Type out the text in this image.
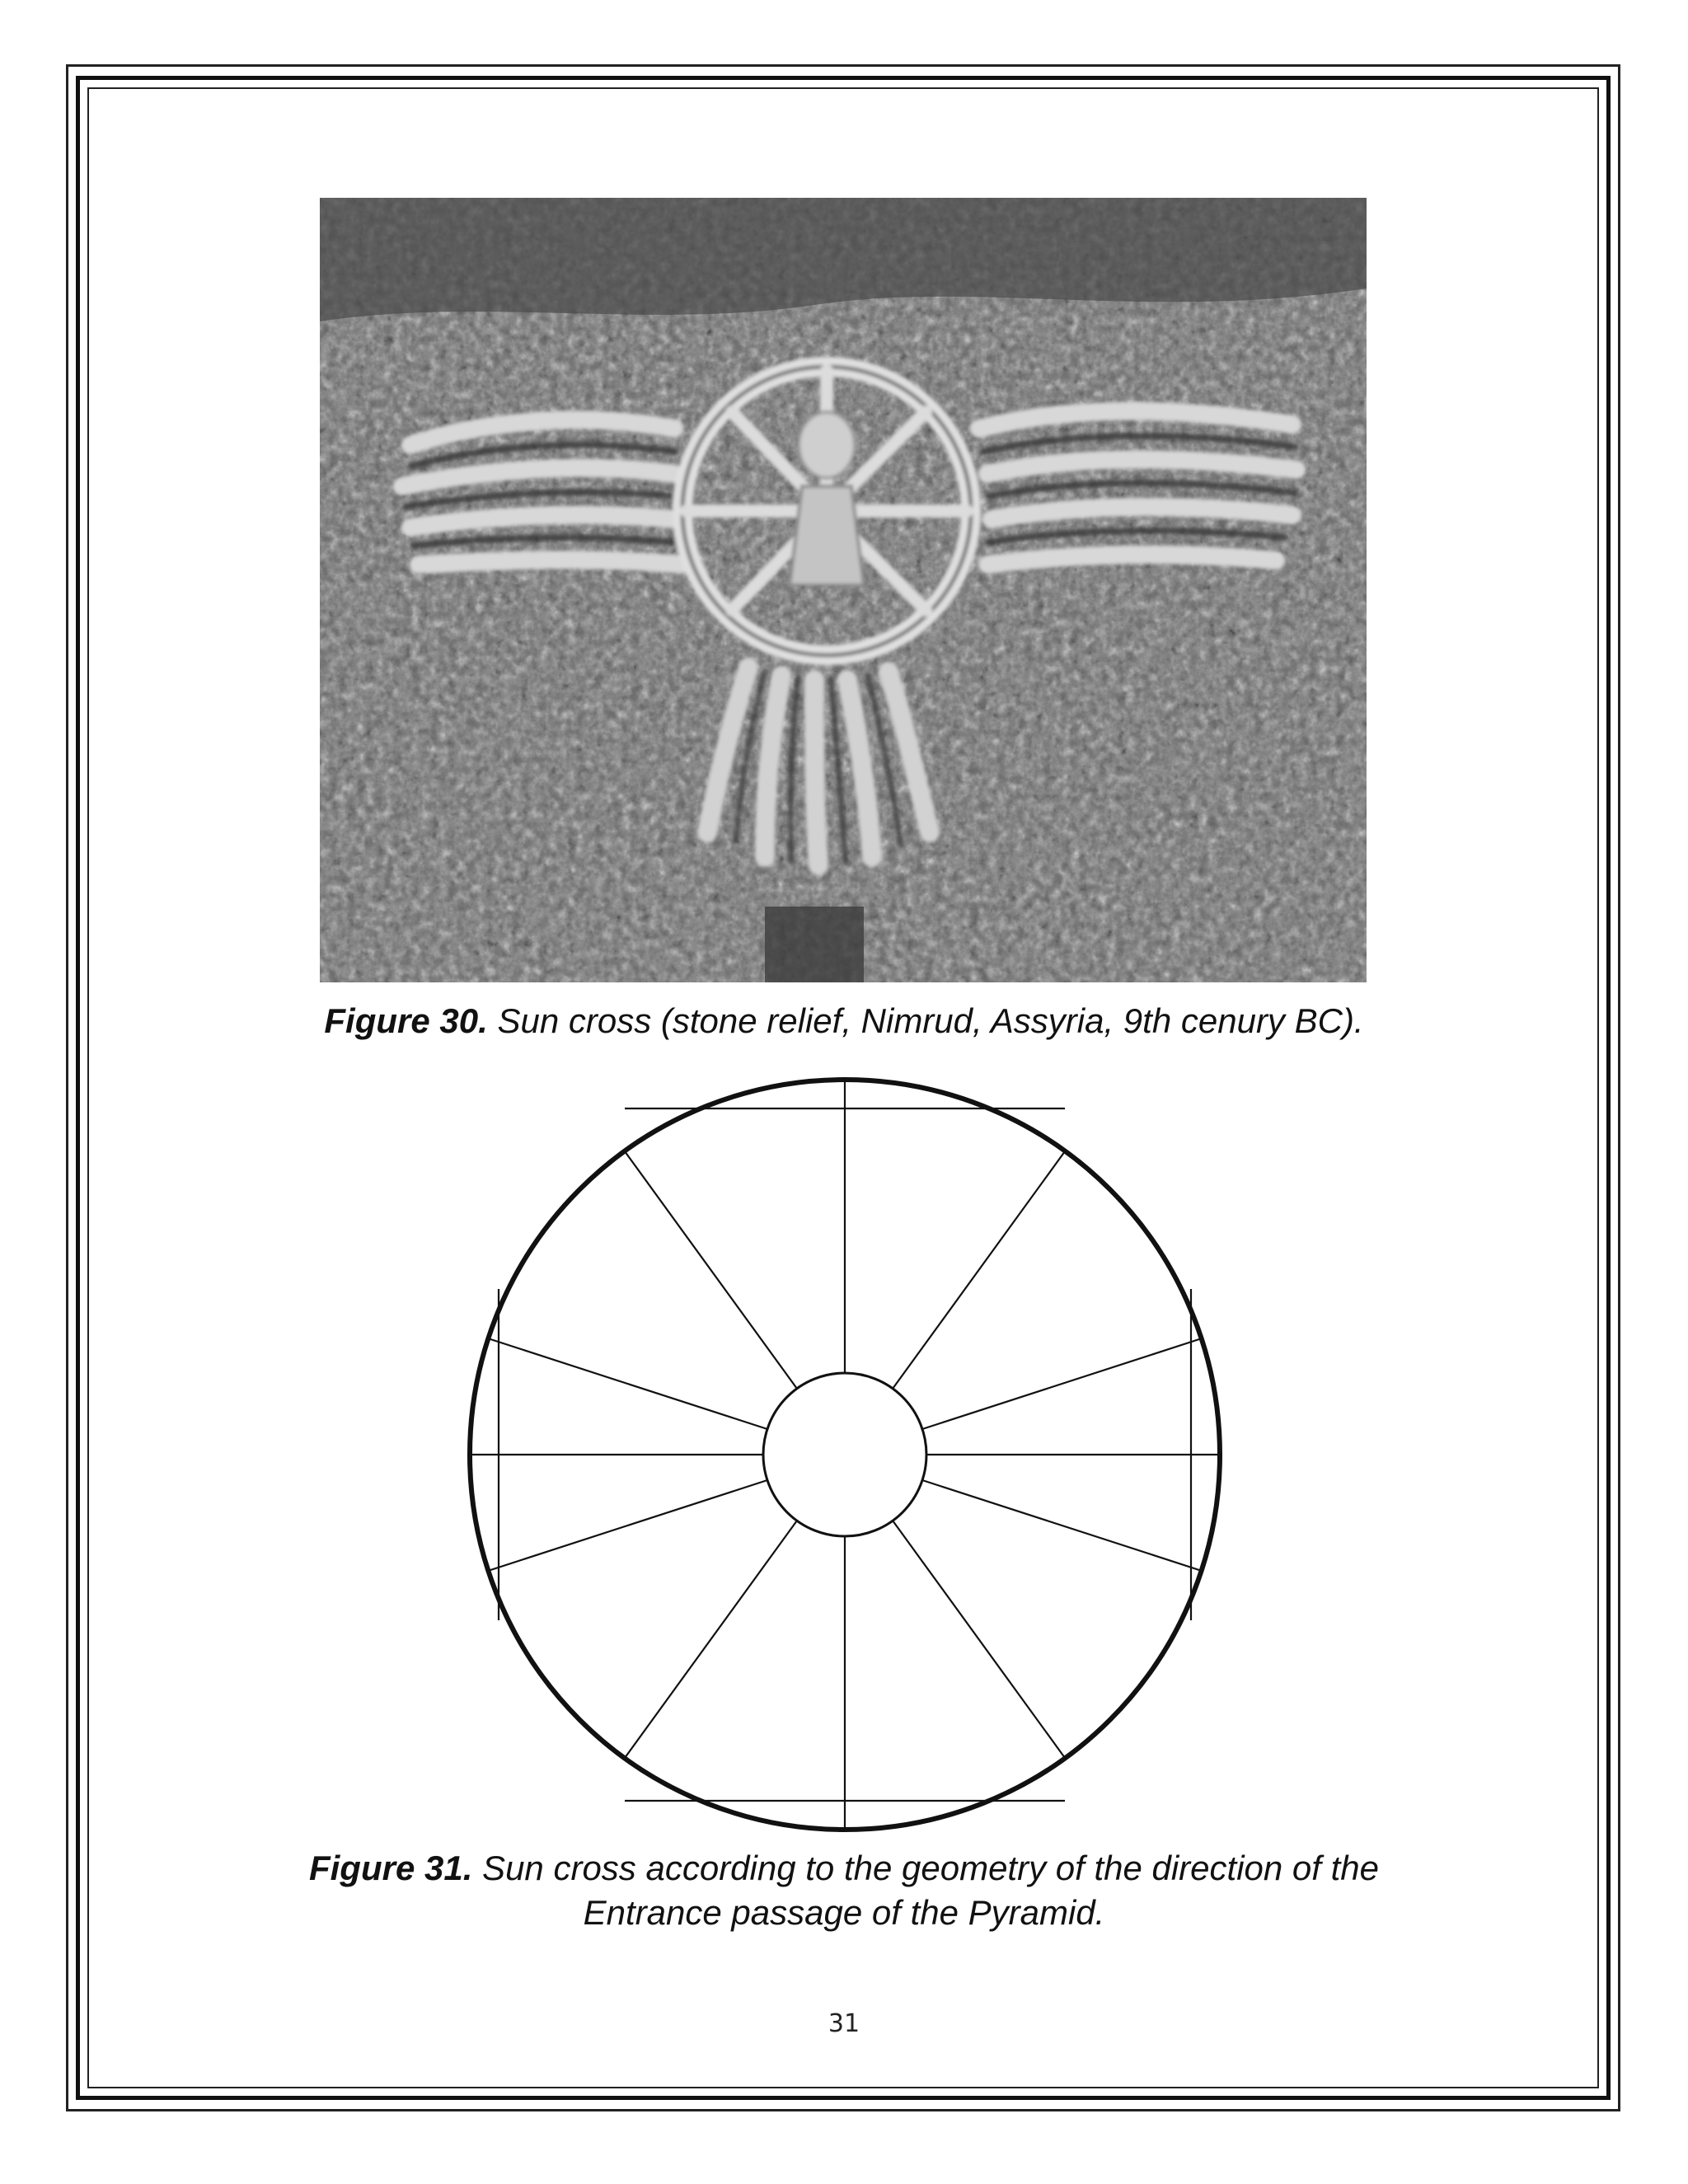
Figure 30. Sun cross (stone relief, Nimrud, Assyria, 9th cenury BC).
Figure 31. Sun cross according to the geometry of the direction of the
Entrance passage of the Pyramid.
31
